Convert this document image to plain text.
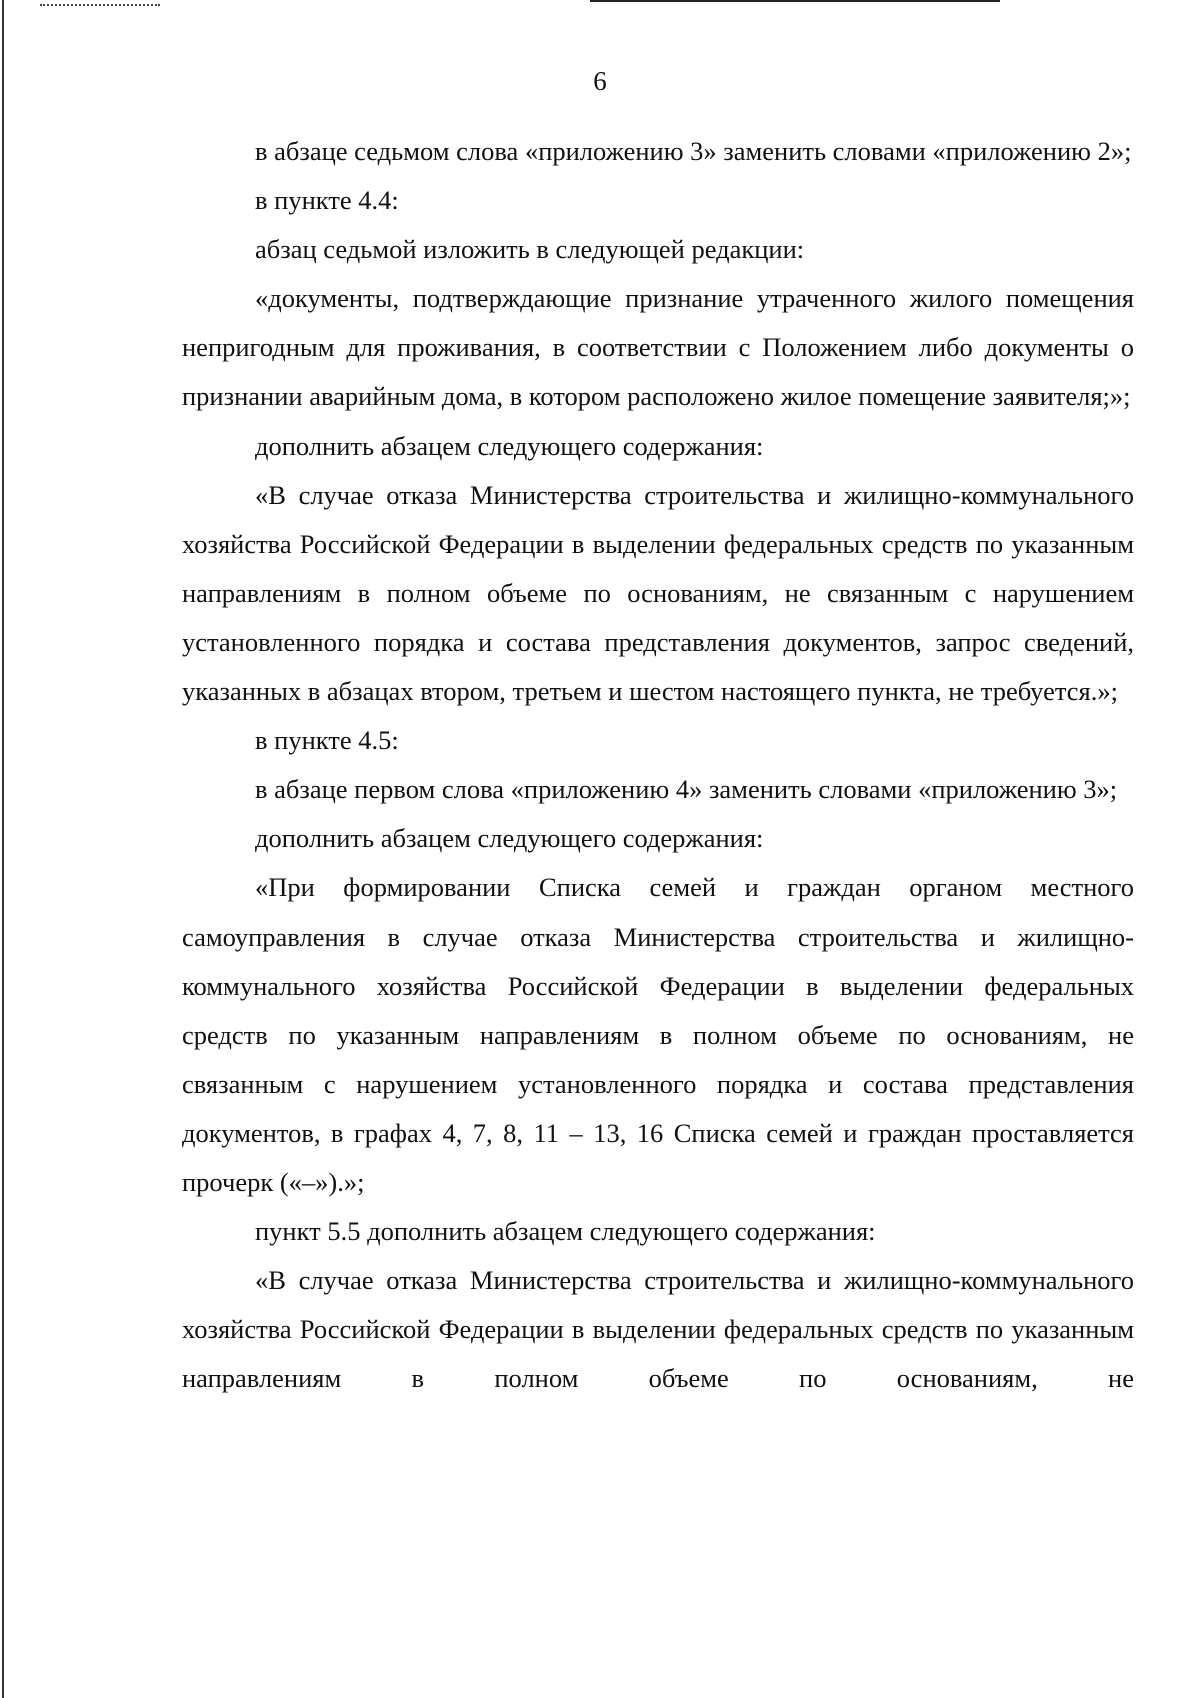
6

в абзаце седьмом слова «приложению 3» заменить словами «приложению 2»;

в пункте 4.4:

абзац седьмой изложить в следующей редакции:

«документы, подтверждающие признание утраченного жилого помещения непригодным для проживания, в соответствии с Положением либо документы о признании аварийным дома, в котором расположено жилое помещение заявителя;»;

дополнить абзацем следующего содержания:

«В случае отказа Министерства строительства и жилищно-коммунального хозяйства Российской Федерации в выделении федеральных средств по указанным направлениям в полном объеме по основаниям, не связанным с нарушением установленного порядка и состава представления документов, запрос сведений, указанных в абзацах втором, третьем и шестом настоящего пункта, не требуется.»;

в пункте 4.5:

в абзаце первом слова «приложению 4» заменить словами «приложению 3»;

дополнить абзацем следующего содержания:

«При формировании Списка семей и граждан органом местного самоуправления в случае отказа Министерства строительства и жилищно-коммунального хозяйства Российской Федерации в выделении федеральных средств по указанным направлениям в полном объеме по основаниям, не связанным с нарушением установленного порядка и состава представления документов, в графах 4, 7, 8, 11 – 13, 16 Списка семей и граждан проставляется прочерк («–»).»;

пункт 5.5 дополнить абзацем следующего содержания:

«В случае отказа Министерства строительства и жилищно-коммунального хозяйства Российской Федерации в выделении федеральных средств по указанным направлениям в полном объеме по основаниям, не
